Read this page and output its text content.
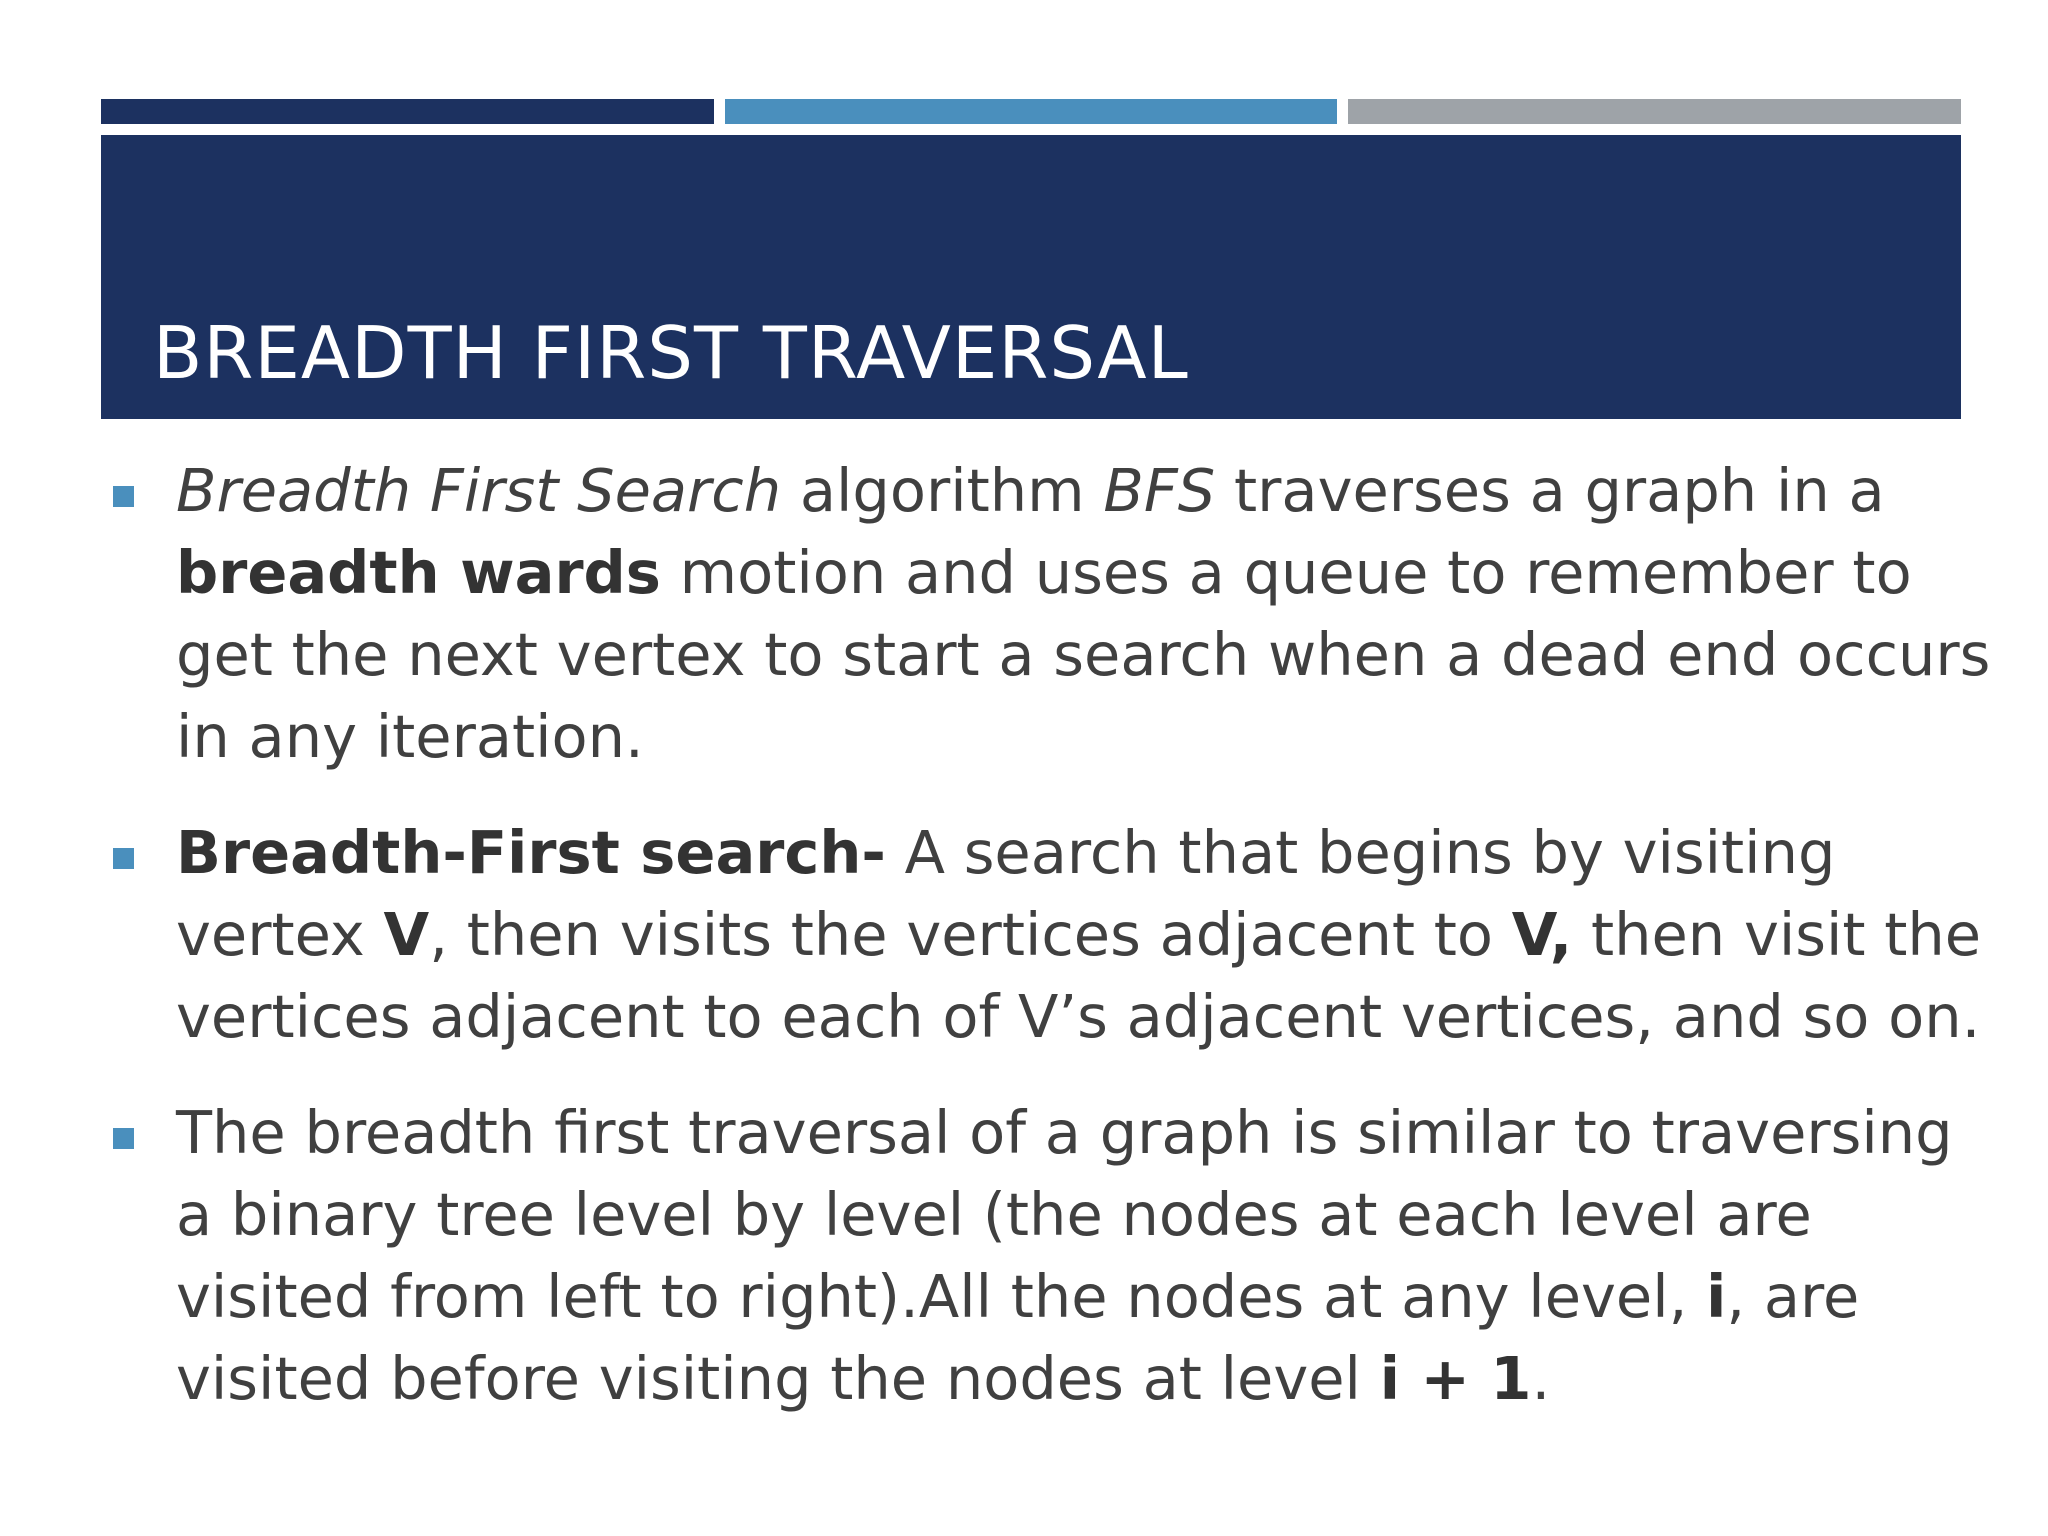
BREADTH FIRST TRAVERSAL
Breadth First Search algorithm BFS traverses a graph in a breadth wards motion and uses a queue to remember to get the next vertex to start a search when a dead end occurs in any iteration.
Breadth-First search- A search that begins by visiting vertex V, then visits the vertices adjacent to V, then visit the vertices adjacent to each of V’s adjacent vertices, and so on.
The breadth first traversal of a graph is similar to traversing a binary tree level by level (the nodes at each level are visited from left to right).All the nodes at any level, i, are visited before visiting the nodes at level i + 1.
